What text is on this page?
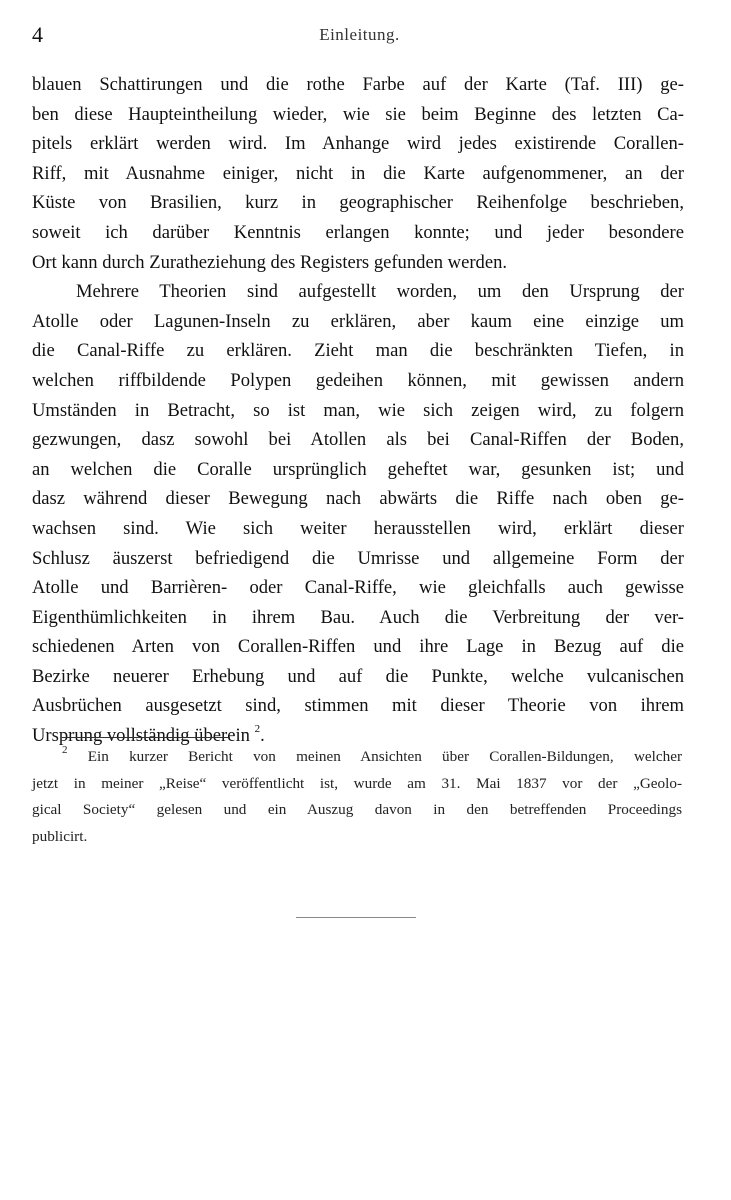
4	Einleitung.
blauen Schattirungen und die rothe Farbe auf der Karte (Taf. III) ge-
ben diese Haupteintheilung wieder, wie sie beim Beginne des letzten Ca-
pitels erklärt werden wird. Im Anhange wird jedes existirende Corallen-
Riff, mit Ausnahme einiger, nicht in die Karte aufgenommener, an der
Küste von Brasilien, kurz in geographischer Reihenfolge beschrieben,
soweit ich darüber Kenntnis erlangen konnte; und jeder besondere
Ort kann durch Zuratheziehung des Registers gefunden werden.
Mehrere Theorien sind aufgestellt worden, um den Ursprung der
Atolle oder Lagunen-Inseln zu erklären, aber kaum eine einzige um
die Canal-Riffe zu erklären. Zieht man die beschränkten Tiefen, in
welchen riffbildende Polypen gedeihen können, mit gewissen andern
Umständen in Betracht, so ist man, wie sich zeigen wird, zu folgern
gezwungen, dasz sowohl bei Atollen als bei Canal-Riffen der Boden,
an welchen die Coralle ursprünglich geheftet war, gesunken ist; und
dasz während dieser Bewegung nach abwärts die Riffe nach oben ge-
wachsen sind. Wie sich weiter herausstellen wird, erklärt dieser
Schlusz äuszerst befriedigend die Umrisse und allgemeine Form der
Atolle und Barrièren- oder Canal-Riffe, wie gleichfalls auch gewisse
Eigenthümlichkeiten in ihrem Bau. Auch die Verbreitung der ver-
schiedenen Arten von Corallen-Riffen und ihre Lage in Bezug auf die
Bezirke neuerer Erhebung und auf die Punkte, welche vulcanischen
Ausbrüchen ausgesetzt sind, stimmen mit dieser Theorie von ihrem
Ursprung vollständig überein $^2$.
$^2$ Ein kurzer Bericht von meinen Ansichten über Corallen-Bildungen, welcher
jetzt in meiner „Reise“ veröffentlicht ist, wurde am 31. Mai 1837 vor der „Geolo-
gical Society“ gelesen und ein Auszug davon in den betreffenden Proceedings
publicirt.
